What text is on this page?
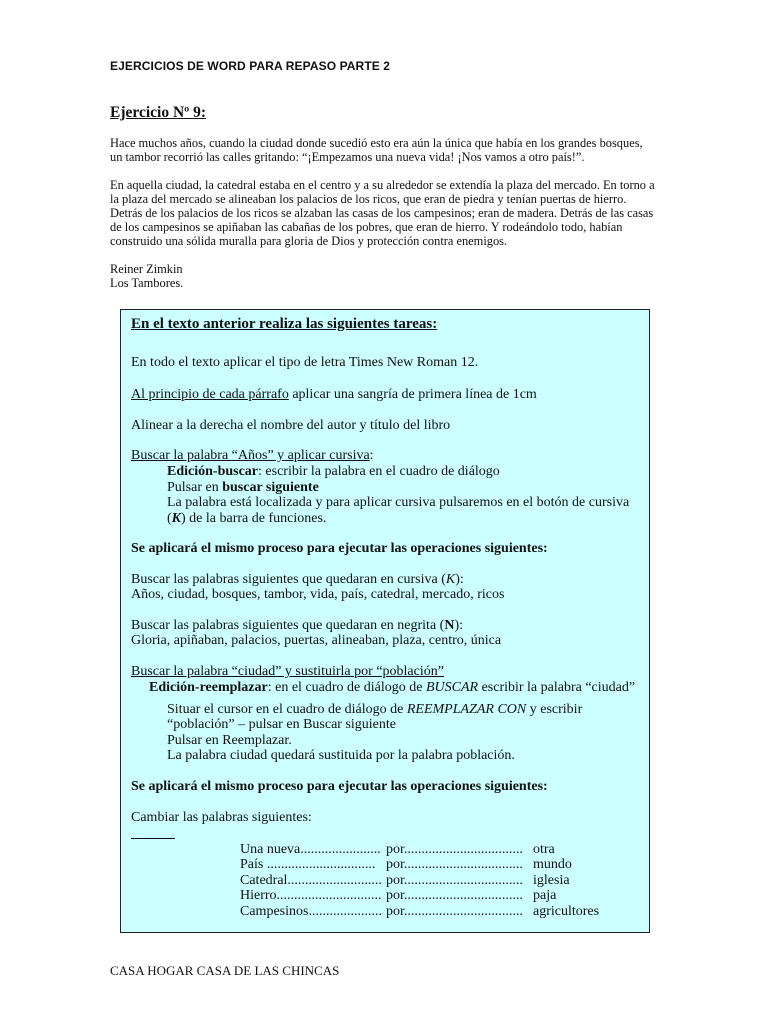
EJERCICIOS DE WORD PARA REPASO PARTE 2
Ejercicio Nº 9:
Hace muchos años, cuando la ciudad donde sucedió esto era aún la única que había en los grandes bosques, un tambor recorrió las calles gritando: “¡Empezamos una nueva vida! ¡Nos vamos a otro país!”.
En aquella ciudad, la catedral estaba en el centro y a su alrededor se extendía la plaza del mercado. En torno a la plaza del mercado se alineaban los palacios de los ricos, que eran de piedra y tenían puertas de hierro. Detrás de los palacios de los ricos se alzaban las casas de los campesinos; eran de madera. Detrás de las casas de los campesinos se apiñaban las cabañas de los pobres, que eran de hierro. Y rodeándolo todo, habían construido una sólida muralla para gloria de Dios y protección contra enemigos.
Reiner Zimkin
Los Tambores.
En el texto anterior realiza las siguientes tareas:
En todo el texto aplicar el tipo de letra Times New Roman 12.
Al principio de cada párrafo aplicar una sangría de primera línea de 1cm
Alinear a la derecha el nombre del autor y título del libro
Buscar la palabra “Años” y aplicar cursiva:
Edición-buscar: escribir la palabra en el cuadro de diálogo
Pulsar en buscar siguiente
La palabra está localizada y para aplicar cursiva pulsaremos en el botón de cursiva
(K) de la barra de funciones.
Se aplicará el mismo proceso para ejecutar las operaciones siguientes:
Buscar las palabras siguientes que quedaran en cursiva (K):
Años, ciudad, bosques, tambor, vida, país, catedral, mercado, ricos
Buscar las palabras siguientes que quedaran en negrita (N):
Gloria, apiñaban, palacios, puertas, alineaban, plaza, centro, única
Buscar la palabra “ciudad” y sustituirla por “población”
Edición-reemplazar: en el cuadro de diálogo de BUSCAR escribir la palabra “ciudad”
Situar el cursor en el cuadro de diálogo de REEMPLAZAR CON y escribir
“población” – pulsar en Buscar siguiente
Pulsar en Reemplazar.
La palabra ciudad quedará sustituida por la palabra población.
Se aplicará el mismo proceso para ejecutar las operaciones siguientes:
Cambiar las palabras siguientes:
Una nueva....................... por.................................. otra
País ............................... por.................................. mundo
Catedral........................... por.................................. iglesia
Hierro.............................. por.................................. paja
Campesinos..................... por.................................. agricultores
CASA HOGAR CASA DE LAS CHINCAS
